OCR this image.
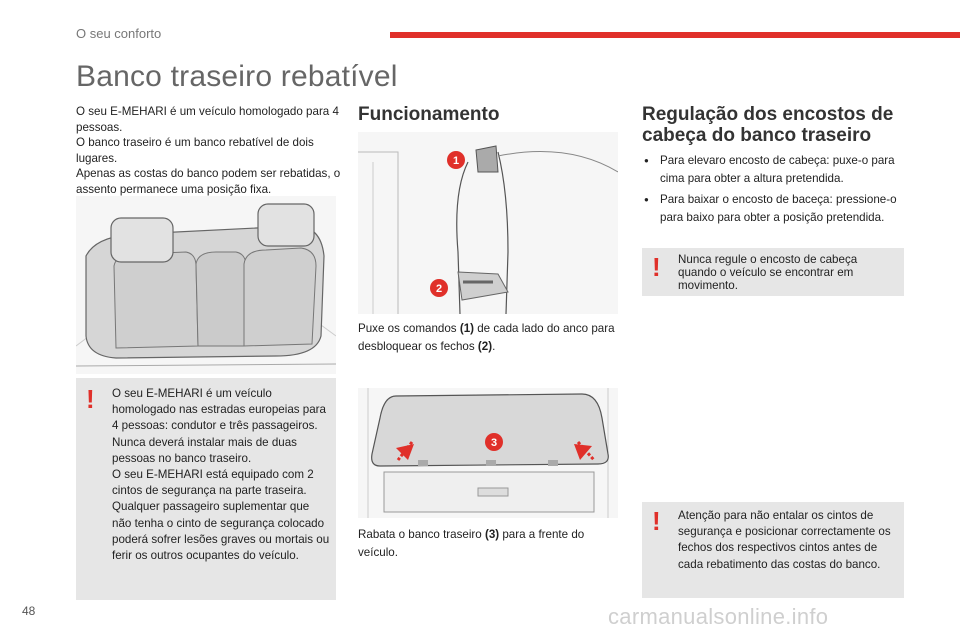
O seu conforto
Banco traseiro rebatível

O seu E-MEHARI é um veículo homologado para 4 pessoas.

O banco traseiro é um banco rebatível de dois lugares.

Apenas as costas do banco podem ser rebatidas, o assento permanece uma posição fixa.

! O seu E-MEHARI é um veículo homologado nas estradas europeias para 4 pessoas: condutor e três passageiros.

Nunca deverá instalar mais de duas pessoas no banco traseiro.

O seu E-MEHARI está equipado com 2 cintos de segurança na parte traseira. Qualquer passageiro suplementar que não tenha o cinto de segurança colocado poderá sofrer lesões graves ou mortais ou ferir os outros ocupantes do veículo.

Funcionamento
1
2
Puxe os comandos (1) de cada lado do anco para desbloquear os fechos (2).
3
Rabata o banco traseiro (3) para a frente do veículo.
Regulação dos encostos de cabeça do banco traseiro
● Para elevaro encosto de cabeça: puxe-o para cima para obter a altura pretendida.
● Para baixar o encosto de baceça: pressione-o para baixo para obter a posição pretendida.
! Nunca regule o encosto de cabeça quando o veículo se encontrar em movimento.
! Atenção para não entalar os cintos de segurança e posicionar correctamente os fechos dos respectivos cintos antes de cada rebatimento das costas do banco.
48	carmanualsonline.info
